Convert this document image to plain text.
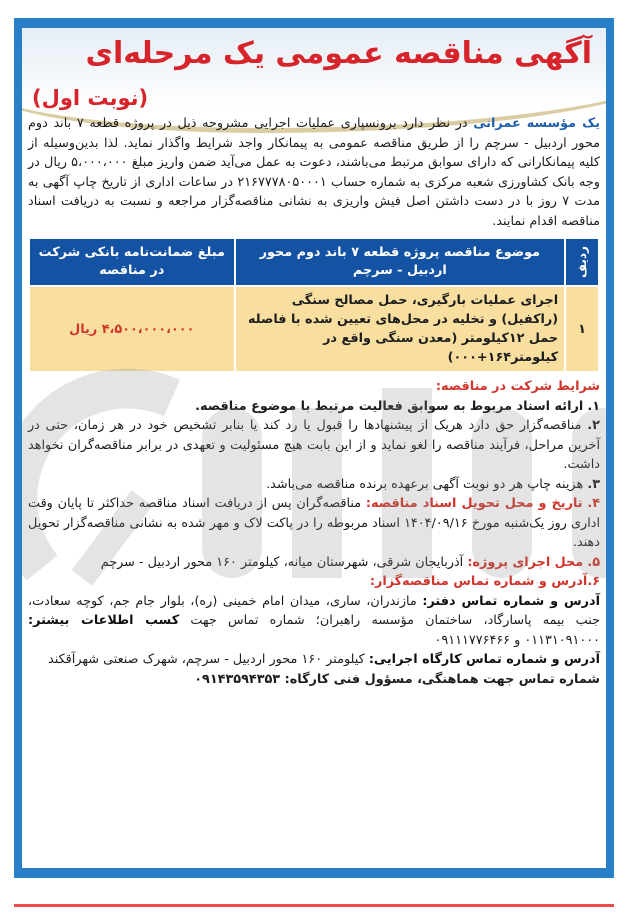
آگهی مناقصه عمومی یک مرحله‌ای
(نوبت اول)

یک مؤسسه عمرانی در نظر دارد برونسپاری عملیات اجرایی مشروحه ذیل در پروژه قطعه ۷ باند دوم محور اردبیل - سرچم را از طریق مناقصه عمومی به پیمانکار واجد شرایط واگذار نماید. لذا بدین‌وسیله از کلیه پیمانکارانی که دارای سوابق مرتبط می‌باشند، دعوت به عمل می‌آید ضمن واریز مبلغ ۵،۰۰۰،۰۰۰ ریال در وجه بانک کشاورزی شعبه مرکزی به شماره حساب ۲۱۶۷۷۷۸۰۵۰۰۰۱ در ساعات اداری از تاریخ چاپ آگهی به مدت ۷ روز با در دست داشتن اصل فیش واریزی به نشانی مناقصه‌گزار مراجعه و نسبت به دریافت اسناد مناقصه اقدام نمایند.

ردیف	موضوع مناقصه پروژه قطعه ۷ باند دوم محور اردبیل - سرچم	مبلغ ضمانت‌نامه بانکی شرکت در مناقصه
۱	اجرای عملیات بارگیری، حمل مصالح سنگی (راکفیل) و تخلیه در محل‌های تعیین شده با فاصله حمل ۱۲کیلومتر (معدن سنگی واقع در کیلومتر۱۶۴+۰۰۰)	۴،۵۰۰،۰۰۰،۰۰۰ ریال

شرایط شرکت در مناقصه:

۱. ارائه اسناد مربوط به سوابق فعالیت مرتبط با موضوع مناقصه.

۲. مناقصه‌گزار حق دارد هریک از پیشنهادها را قبول یا رد کند یا بنابر تشخیص خود در هر زمان، حتی در آخرین مراحل، فرآیند مناقصه را لغو نماید و از این بابت هیچ مسئولیت و تعهدی در برابر مناقصه‌گران نخواهد داشت.

۳. هزینه چاپ هر دو نوبت آگهی برعهده برنده مناقصه می‌باشد.

۴. تاریخ و محل تحویل اسناد مناقصه: مناقصه‌گران پس از دریافت اسناد مناقصه حداکثر تا پایان وقت اداری روز یک‌شنبه مورخ ۱۴۰۴/۰۹/۱۶ اسناد مربوطه را در پاکت لاک و مهر شده به نشانی مناقصه‌گزار تحویل دهند.

۵. محل اجرای پروژه: آذربایجان شرقی، شهرستان میانه، کیلومتر ۱۶۰ محور اردبیل - سرچم

۶.آدرس و شماره تماس مناقصه‌گزار:

آدرس و شماره تماس دفتر: مازندران، ساری، میدان امام خمینی (ره)، بلوار جام جم، کوچه سعادت، جنب بیمه پاسارگاد، ساختمان مؤسسه راهبران؛ شماره تماس جهت کسب اطلاعات بیشتر: ۰۱۱۳۱۰۹۱۰۰۰ و ۰۹۱۱۱۷۷۶۴۶۶

آدرس و شماره تماس کارگاه اجرایی: کیلومتر ۱۶۰ محور اردبیل - سرچم، شهرک صنعتی شهرآقکند

شماره تماس جهت هماهنگی، مسؤول فنی کارگاه: ۰۹۱۴۳۵۹۴۳۵۳
